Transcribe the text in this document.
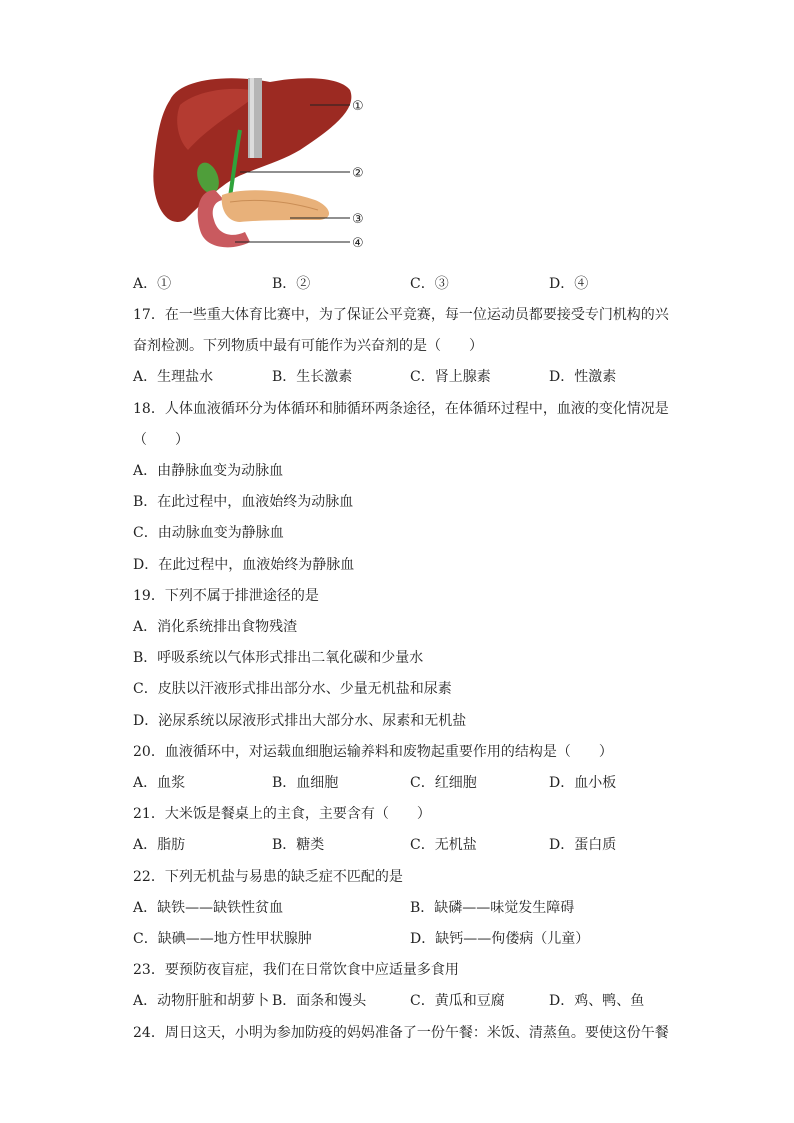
①
②
③
④
A．①	B．②	C．③	D．④
17．在一些重大体育比赛中，为了保证公平竞赛，每一位运动员都要接受专门机构的兴
奋剂检测。下列物质中最有可能作为兴奋剂的是（　　）
A．生理盐水	B．生长激素	C．肾上腺素	D．性激素
18．人体血液循环分为体循环和肺循环两条途径，在体循环过程中，血液的变化情况是
（　　）
A．由静脉血变为动脉血
B．在此过程中，血液始终为动脉血
C．由动脉血变为静脉血
D．在此过程中，血液始终为静脉血
19．下列不属于排泄途径的是
A．消化系统排出食物残渣
B．呼吸系统以气体形式排出二氧化碳和少量水
C．皮肤以汗液形式排出部分水、少量无机盐和尿素
D．泌尿系统以尿液形式排出大部分水、尿素和无机盐
20．血液循环中，对运载血细胞运输养料和废物起重要作用的结构是（　　）
A．血浆	B．血细胞	C．红细胞	D．血小板
21．大米饭是餐桌上的主食，主要含有（　　）
A．脂肪	B．糖类	C．无机盐	D．蛋白质
22．下列无机盐与易患的缺乏症不匹配的是
A．缺铁——缺铁性贫血	B．缺磷——味觉发生障碍
C．缺碘——地方性甲状腺肿	D．缺钙——佝偻病（儿童）
23．要预防夜盲症，我们在日常饮食中应适量多食用
A．动物肝脏和胡萝卜 B．面条和馒头	C．黄瓜和豆腐	D．鸡、鸭、鱼
24．周日这天，小明为参加防疫的妈妈准备了一份午餐：米饭、清蒸鱼。要使这份午餐
